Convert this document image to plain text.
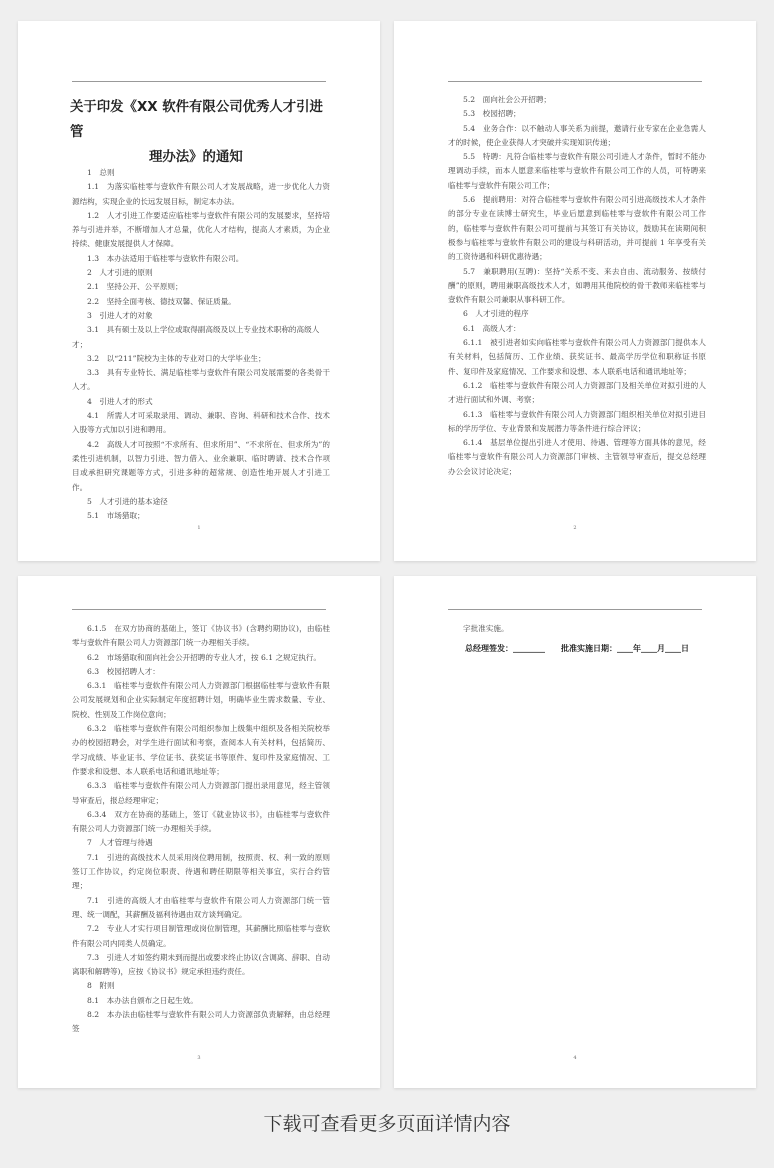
关于印发《XX 软件有限公司优秀人才引进管
理办法》的通知

1　总则

1.1　为落实临桂零与壹软件有限公司人才发展战略，进一步优化人力资源结构，实现企业的长远发展目标，制定本办法。

1.2　人才引进工作要适应临桂零与壹软件有限公司的发展要求，坚持培养与引进并举，不断增加人才总量，优化人才结构，提高人才素质，为企业持续、健康发展提供人才保障。

1.3　本办法适用于临桂零与壹软件有限公司。

2　人才引进的原则

2.1　坚持公开、公平原则；

2.2　坚持全面考核、德技双馨、保证质量。

3　引进人才的对象

3.1　具有硕士及以上学位或取得副高级及以上专业技术职称的高级人才；

3.2　以“211”院校为主体的专业对口的大学毕业生；

3.3　具有专业特长、满足临桂零与壹软件有限公司发展需要的各类骨干人才。

4　引进人才的形式

4.1　所需人才可采取录用、调动、兼职、咨询、科研和技术合作、技术入股等方式加以引进和聘用。

4.2　高级人才可按照“不求所有、但求所用”、“不求所在、但求所为”的柔性引进机制，以智力引进、智力借入、业余兼职、临时聘请、技术合作项目或承担研究课题等方式，引进多种的超常规、创造性地开展人才引进工作。

5　人才引进的基本途径

5.1　市场猎取；

1

5.2　面向社会公开招聘；

5.3　校园招聘；

5.4　业务合作：以不触动人事关系为前提，邀请行业专家在企业急需人才的时候，使企业获得人才突破并实现知识传递；

5.5　特聘：凡符合临桂零与壹软件有限公司引进人才条件，暂时不能办理调动手续，而本人愿意来临桂零与壹软件有限公司工作的人员，可特聘来临桂零与壹软件有限公司工作；

5.6　提前聘用：对符合临桂零与壹软件有限公司引进高级技术人才条件的部分专业在读博士研究生，毕业后愿意到临桂零与壹软件有限公司工作的，临桂零与壹软件有限公司可提前与其签订有关协议，鼓励其在读期间积极参与临桂零与壹软件有限公司的建设与科研活动，并可提前 1 年享受有关的工资待遇和科研优惠待遇；

5.7　兼职聘用(互聘)：坚持“关系不变、来去自由、流动服务、按绩付酬”的原则，聘用兼职高级技术人才，如聘用其他院校的骨干教师来临桂零与壹软件有限公司兼职从事科研工作。

6　人才引进的程序

6.1　高级人才：

6.1.1　被引进者如实向临桂零与壹软件有限公司人力资源部门提供本人有关材料，包括简历、工作业绩、获奖证书、最高学历学位和职称证书原件、复印件及家庭情况、工作要求和设想、本人联系电话和通讯地址等；

6.1.2　临桂零与壹软件有限公司人力资源部门及相关单位对拟引进的人才进行面试和外调、考察；

6.1.3　临桂零与壹软件有限公司人力资源部门组织相关单位对拟引进目标的学历学位、专业背景和发展潜力等条件进行综合评议；

6.1.4　基层单位提出引进人才使用、待遇、管理等方面具体的意见，经临桂零与壹软件有限公司人力资源部门审核、主管领导审查后，提交总经理办公会议讨论决定；

2

6.1.5　在双方协商的基础上，签订《协议书》(含聘约期协议)，由临桂零与壹软件有限公司人力资源部门统一办理相关手续。

6.2　市场猎取和面向社会公开招聘的专业人才，按 6.1 之规定执行。

6.3　校园招聘人才：

6.3.1　临桂零与壹软件有限公司人力资源部门根据临桂零与壹软件有限公司发展规划和企业实际制定年度招聘计划，明确毕业生需求数量、专业、院校、性别及工作岗位意向；

6.3.2　临桂零与壹软件有限公司组织参加上级集中组织及各相关院校举办的校园招聘会，对学生进行面试和考察，查阅本人有关材料，包括简历、学习成绩、毕业证书、学位证书、获奖证书等原件、复印件及家庭情况、工作要求和设想、本人联系电话和通讯地址等；

6.3.3　临桂零与壹软件有限公司人力资源部门提出录用意见，经主管领导审查后，报总经理审定；

6.3.4　双方在协商的基础上，签订《就业协议书》，由临桂零与壹软件有限公司人力资源部门统一办理相关手续。

7　人才管理与待遇

7.1　引进的高级技术人员采用岗位聘用制，按照责、权、利一致的原则签订工作协议，约定岗位职责、待遇和聘任期限等相关事宜，实行合约管理；

7.1　引进的高级人才由临桂零与壹软件有限公司人力资源部门统一管理、统一调配，其薪酬及福利待遇由双方谈判确定。

7.2　专业人才实行项目制管理或岗位制管理，其薪酬比照临桂零与壹软件有限公司内同类人员确定。

7.3　引进人才如签约期未到而提出或要求终止协议(含调离、辞职、自动离职和解聘等)，应按《协议书》规定承担违约责任。

8　附则

8.1　本办法自颁布之日起生效。

8.2　本办法由临桂零与壹软件有限公司人力资源部负责解释，由总经理签

3

字批准实施。

总经理签发：________　　批准实施日期：____年____月____日
4
下载可查看更多页面详情内容
